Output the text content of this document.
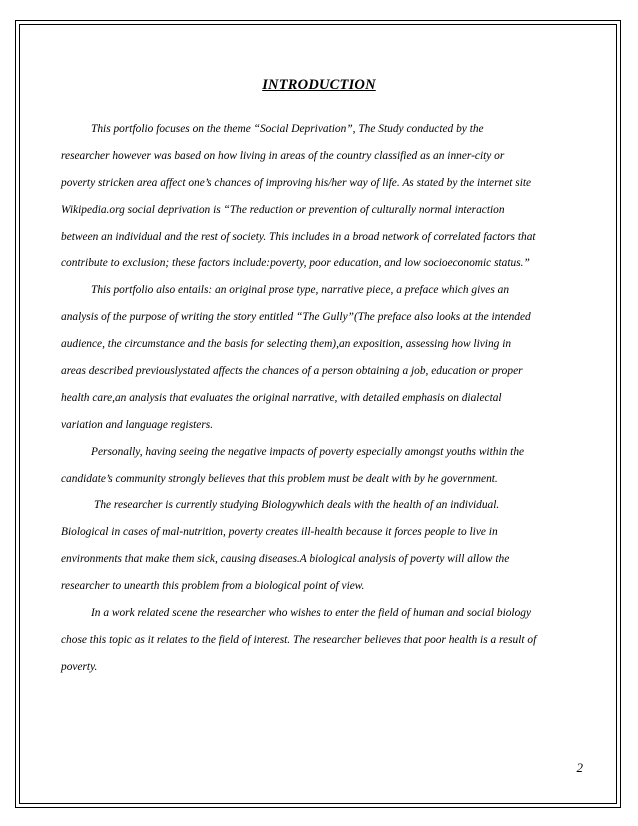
INTRODUCTION
This portfolio focuses on the theme “Social Deprivation”, The Study conducted by the
researcher however was based on how living in areas of the country classified as an inner-city or
poverty stricken area affect one’s chances of improving his/her way of life. As stated by the internet site
Wikipedia.org social deprivation is “The reduction or prevention of culturally normal interaction
between an individual and the rest of society. This includes in a broad network of correlated factors that
contribute to exclusion; these factors include:poverty, poor education, and low socioeconomic status.”
This portfolio also entails: an original prose type, narrative piece, a preface which gives an
analysis of the purpose of writing the story entitled “The Gully”(The preface also looks at the intended
audience, the circumstance and the basis for selecting them),an exposition, assessing how living in
areas described previouslystated affects the chances of a person obtaining a job, education or proper
health care,an analysis that evaluates the original narrative, with detailed emphasis on dialectal
variation and language registers.
Personally, having seeing the negative impacts of poverty especially amongst youths within the
candidate’s community strongly believes that this problem must be dealt with by he government.
The researcher is currently studying Biologywhich deals with the health of an individual.
Biological in cases of mal-nutrition, poverty creates ill-health because it forces people to live in
environments that make them sick, causing diseases.A biological analysis of poverty will allow the
researcher to unearth this problem from a biological point of view.
In a work related scene the researcher who wishes to enter the field of human and social biology
chose this topic as it relates to the field of interest. The researcher believes that poor health is a result of
poverty.
2
